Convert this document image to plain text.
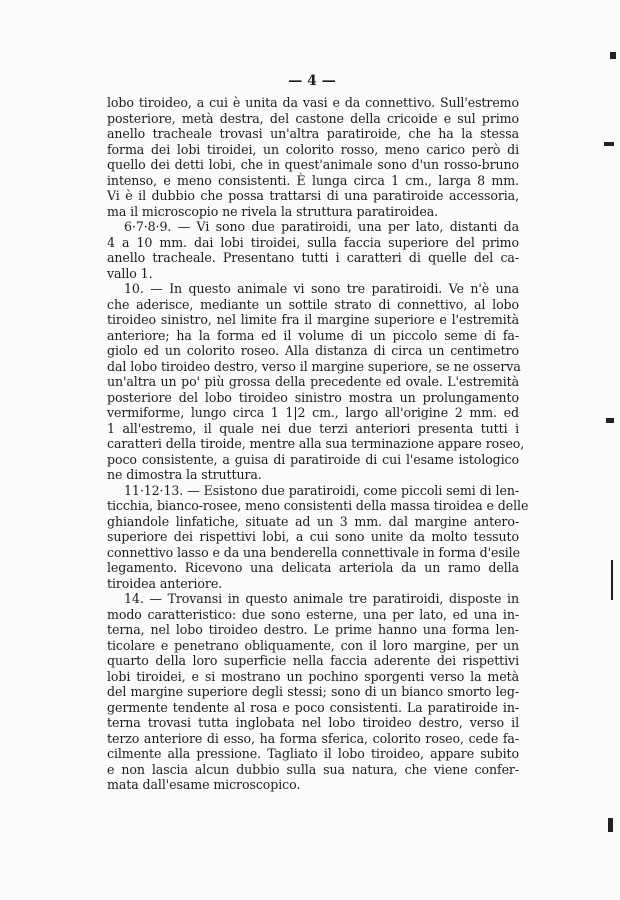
— 4 —
lobo tiroideo, a cui è unita da vasi e da connettivo. Sull'estremo
posteriore, metà destra, del castone della cricoide e sul primo
anello tracheale trovasi un'altra paratiroide, che ha la stessa
forma dei lobi tiroidei, un colorito rosso, meno carico però di
quello dei detti lobi, che in quest'animale sono d'un rosso-bruno
intenso, e meno consistenti. È lunga circa 1 cm., larga 8 mm.
Vi è il dubbio che possa trattarsi di una paratiroide accessoria,
ma il microscopio ne rivela la struttura paratiroidea.
6·7·8·9. — Vi sono due paratiroidi, una per lato, distanti da
4 a 10 mm. dai lobi tiroidei, sulla faccia superiore del primo
anello tracheale. Presentano tutti i caratteri di quelle del ca-
vallo 1.
10. — In questo animale vi sono tre paratiroidi. Ve n'è una
che aderisce, mediante un sottile strato di connettivo, al lobo
tiroideo sinistro, nel limite fra il margine superiore e l'estremità
anteriore; ha la forma ed il volume di un piccolo seme di fa-
giolo ed un colorito roseo. Alla distanza di circa un centimetro
dal lobo tiroideo destro, verso il margine superiore, se ne osserva
un'altra un po' più grossa della precedente ed ovale. L'estremità
posteriore del lobo tiroideo sinistro mostra un prolungamento
vermiforme, lungo circa 1 1|2 cm., largo all'origine 2 mm. ed
1 all'estremo, il quale nei due terzi anteriori presenta tutti i
caratteri della tiroide, mentre alla sua terminazione appare roseo,
poco consistente, a guisa di paratiroide di cui l'esame istologico
ne dimostra la struttura.
11·12·13. — Esistono due paratiroidi, come piccoli semi di len-
ticchia, bianco-rosee, meno consistenti della massa tiroidea e delle
ghiandole linfatiche, situate ad un 3 mm. dal margine antero-
superiore dei rispettivi lobi, a cui sono unite da molto tessuto
connettivo lasso e da una benderella connettivale in forma d'esile
legamento. Ricevono una delicata arteriola da un ramo della
tiroidea anteriore.
14. — Trovansi in questo animale tre paratiroidi, disposte in
modo caratteristico: due sono esterne, una per lato, ed una in-
terna, nel lobo tiroideo destro. Le prime hanno una forma len-
ticolare e penetrano obliquamente, con il loro margine, per un
quarto della loro superficie nella faccia aderente dei rispettivi
lobi tiroidei, e si mostrano un pochino sporgenti verso la metà
del margine superiore degli stessi; sono di un bianco smorto leg-
germente tendente al rosa e poco consistenti. La paratiroide in-
terna trovasi tutta inglobata nel lobo tiroideo destro, verso il
terzo anteriore di esso, ha forma sferica, colorito roseo, cede fa-
cilmente alla pressione. Tagliato il lobo tiroideo, appare subito
e non lascia alcun dubbio sulla sua natura, che viene confer-
mata dall'esame microscopico.
